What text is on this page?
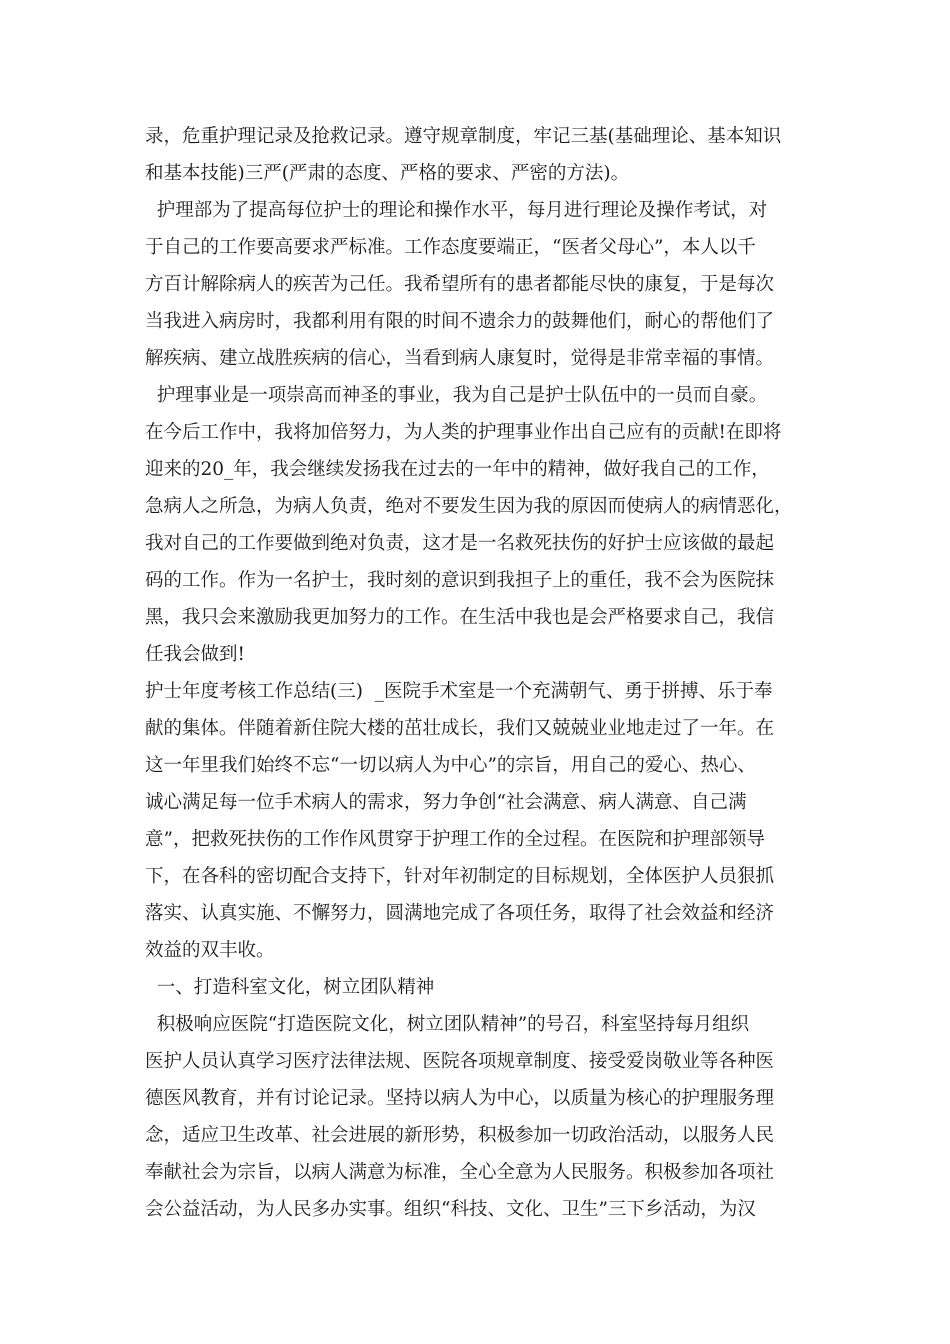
录，危重护理记录及抢救记录。遵守规章制度，牢记三基(基础理论、基本知识
和基本技能)三严(严肃的态度、严格的要求、严密的方法)。
护理部为了提高每位护士的理论和操作水平，每月进行理论及操作考试，对
于自己的工作要高要求严标准。工作态度要端正，“医者父母心”，本人以千
方百计解除病人的疾苦为己任。我希望所有的患者都能尽快的康复，于是每次
当我进入病房时，我都利用有限的时间不遗余力的鼓舞他们，耐心的帮他们了
解疾病、建立战胜疾病的信心，当看到病人康复时，觉得是非常幸福的事情。
护理事业是一项崇高而神圣的事业，我为自己是护士队伍中的一员而自豪。
在今后工作中，我将加倍努力，为人类的护理事业作出自己应有的贡献!在即将
迎来的20_年，我会继续发扬我在过去的一年中的精神，做好我自己的工作，
急病人之所急，为病人负责，绝对不要发生因为我的原因而使病人的病情恶化，
我对自己的工作要做到绝对负责，这才是一名救死扶伤的好护士应该做的最起
码的工作。作为一名护士，我时刻的意识到我担子上的重任，我不会为医院抹
黑，我只会来激励我更加努力的工作。在生活中我也是会严格要求自己，我信
任我会做到!
护士年度考核工作总结(三)  _医院手术室是一个充满朝气、勇于拼搏、乐于奉
献的集体。伴随着新住院大楼的茁壮成长，我们又兢兢业业地走过了一年。在
这一年里我们始终不忘“一切以病人为中心”的宗旨，用自己的爱心、热心、
诚心满足每一位手术病人的需求，努力争创“社会满意、病人满意、自己满
意”，把救死扶伤的工作作风贯穿于护理工作的全过程。在医院和护理部领导
下，在各科的密切配合支持下，针对年初制定的目标规划，全体医护人员狠抓
落实、认真实施、不懈努力，圆满地完成了各项任务，取得了社会效益和经济
效益的双丰收。
一、打造科室文化，树立团队精神
积极响应医院“打造医院文化，树立团队精神”的号召，科室坚持每月组织
医护人员认真学习医疗法律法规、医院各项规章制度、接受爱岗敬业等各种医
德医风教育，并有讨论记录。坚持以病人为中心，以质量为核心的护理服务理
念，适应卫生改革、社会进展的新形势，积极参加一切政治活动，以服务人民
奉献社会为宗旨，以病人满意为标准，全心全意为人民服务。积极参加各项社
会公益活动，为人民多办实事。组织“科技、文化、卫生”三下乡活动，为汉
